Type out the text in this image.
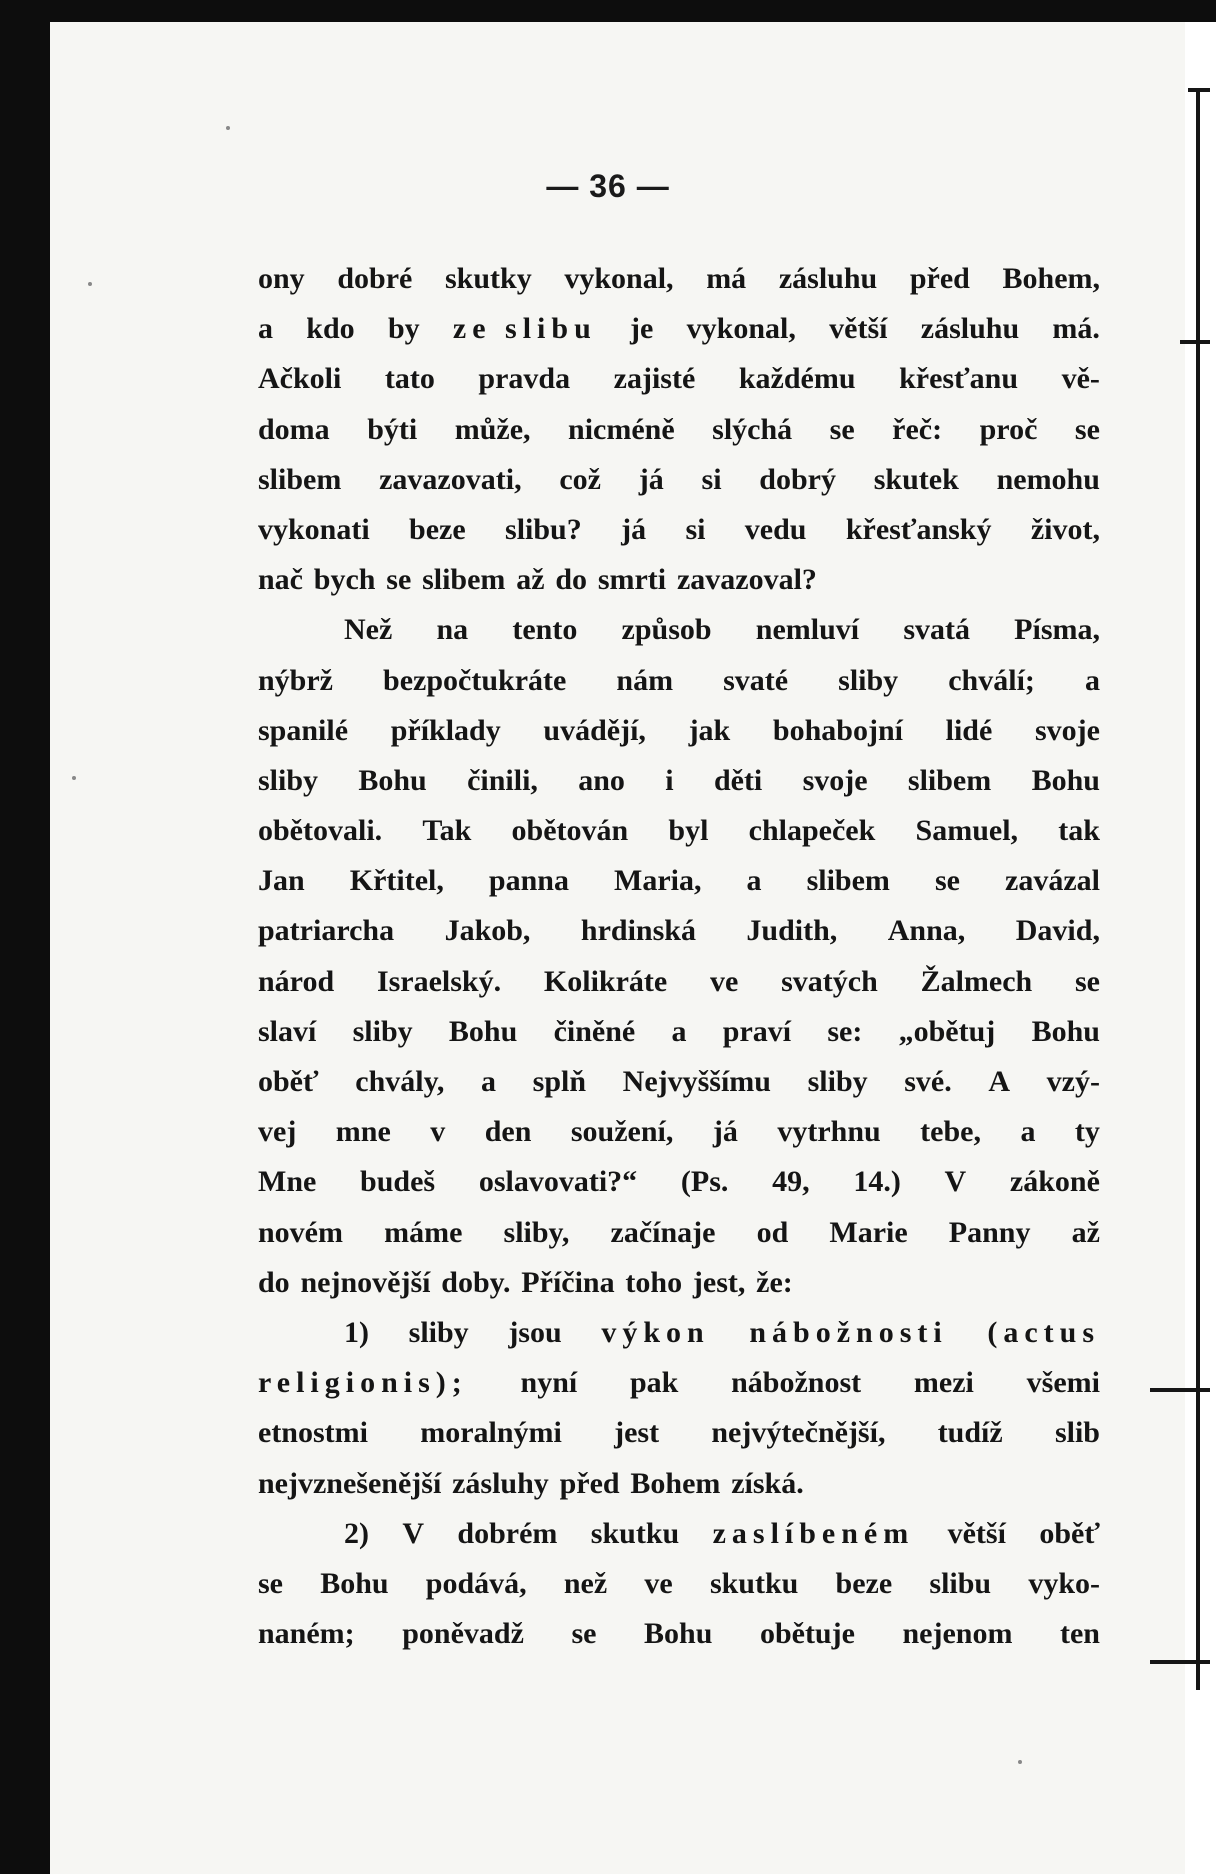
— 36 —
ony dobré skutky vykonal, má zásluhu před Bohem,
a kdo by ze slibu je vykonal, větší zásluhu má.
Ačkoli tato pravda zajisté každému křesťanu vě-
doma býti může, nicméně slýchá se řeč: proč se
slibem zavazovati, což já si dobrý skutek nemohu
vykonati beze slibu? já si vedu křesťanský život,
nač bych se slibem až do smrti zavazoval?
Než na tento způsob nemluví svatá Písma,
nýbrž bezpočtukráte nám svaté sliby chválí; a
spanilé příklady uvádějí, jak bohabojní lidé svoje
sliby Bohu činili, ano i děti svoje slibem Bohu
obětovali. Tak obětován byl chlapeček Samuel, tak
Jan Křtitel, panna Maria, a slibem se zavázal
patriarcha Jakob, hrdinská Judith, Anna, David,
národ Israelský. Kolikráte ve svatých Žalmech se
slaví sliby Bohu činěné a praví se: „obětuj Bohu
oběť chvály, a splň Nejvyššímu sliby své. A vzý-
vej mne v den soužení, já vytrhnu tebe, a ty
Mne budeš oslavovati?“ (Ps. 49, 14.) V zákoně
novém máme sliby, začínaje od Marie Panny až
do nejnovější doby. Příčina toho jest, že:
1) sliby jsou výkon nábožnosti (actus
religionis); nyní pak nábožnost mezi všemi
etnostmi moralnými jest nejvýtečnější, tudíž slib
nejvznešenější zásluhy před Bohem získá.
2) V dobrém skutku zaslíbeném větší oběť
se Bohu podává, než ve skutku beze slibu vyko-
naném; poněvadž se Bohu obětuje nejenom ten
